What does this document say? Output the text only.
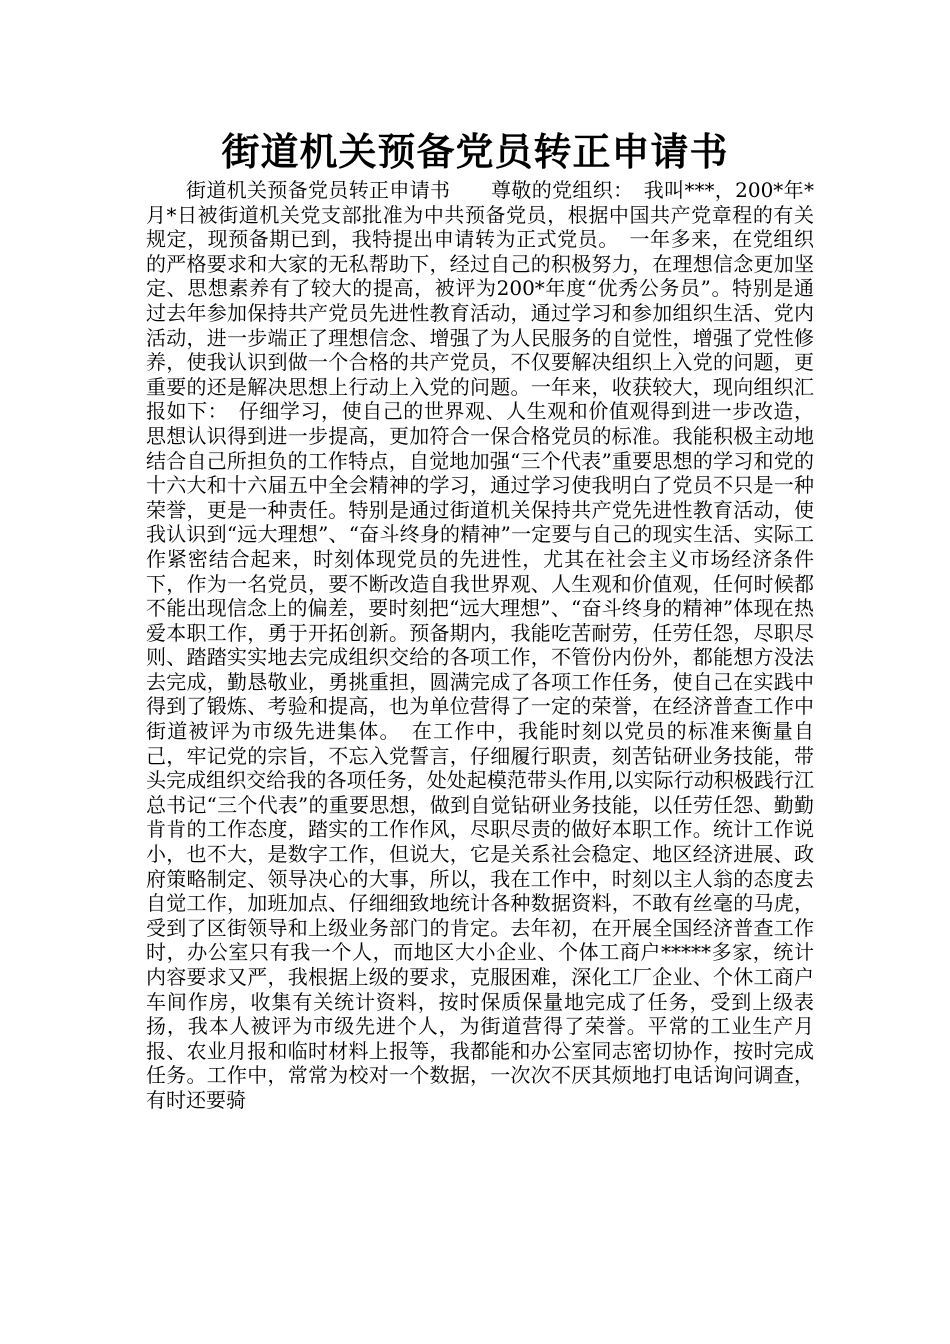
街道机关预备党员转正申请书

街道机关预备党员转正申请书　　尊敬的党组织：　我叫***，200*年*月*日被街道机关党支部批准为中共预备党员，根据中国共产党章程的有关规定，现预备期已到，我特提出申请转为正式党员。　一年多来，在党组织的严格要求和大家的无私帮助下，经过自己的积极努力，在理想信念更加坚定、思想素养有了较大的提高，被评为200*年度“优秀公务员”。特别是通过去年参加保持共产党员先进性教育活动，通过学习和参加组织生活、党内活动，进一步端正了理想信念、增强了为人民服务的自觉性，增强了党性修养，使我认识到做一个合格的共产党员，不仅要解决组织上入党的问题，更重要的还是解决思想上行动上入党的问题。一年来，收获较大，现向组织汇报如下：　仔细学习，使自己的世界观、人生观和价值观得到进一步改造，思想认识得到进一步提高，更加符合一保合格党员的标准。我能积极主动地结合自己所担负的工作特点，自觉地加强“三个代表”重要思想的学习和党的十六大和十六届五中全会精神的学习，通过学习使我明白了党员不只是一种荣誉，更是一种责任。特别是通过街道机关保持共产党先进性教育活动，使我认识到“远大理想”、“奋斗终身的精神”一定要与自己的现实生活、实际工作紧密结合起来，时刻体现党员的先进性，尤其在社会主义市场经济条件下，作为一名党员，要不断改造自我世界观、人生观和价值观，任何时候都不能出现信念上的偏差，要时刻把“远大理想”、“奋斗终身的精神”体现在热爱本职工作，勇于开拓创新。预备期内，我能吃苦耐劳，任劳任怨，尽职尽则、踏踏实实地去完成组织交给的各项工作，不管份内份外，都能想方没法去完成，勤恳敬业，勇挑重担，圆满完成了各项工作任务，使自己在实践中得到了锻炼、考验和提高，也为单位营得了一定的荣誉，在经济普查工作中街道被评为市级先进集体。　在工作中，我能时刻以党员的标准来衡量自己，牢记党的宗旨，不忘入党誓言，仔细履行职责，刻苦钻研业务技能，带头完成组织交给我的各项任务，处处起模范带头作用,以实际行动积极践行江总书记“三个代表”的重要思想，做到自觉钻研业务技能，以任劳任怨、勤勤肯肯的工作态度，踏实的工作作风，尽职尽责的做好本职工作。统计工作说小，也不大，是数字工作，但说大，它是关系社会稳定、地区经济进展、政府策略制定、领导决心的大事，所以，我在工作中，时刻以主人翁的态度去自觉工作，加班加点、仔细细致地统计各种数据资料，不敢有丝毫的马虎，受到了区街领导和上级业务部门的肯定。去年初，在开展全国经济普查工作时，办公室只有我一个人，而地区大小企业、个体工商户*****多家，统计内容要求又严，我根据上级的要求，克服困难，深化工厂企业、个休工商户车间作房，收集有关统计资料，按时保质保量地完成了任务，受到上级表扬，我本人被评为市级先进个人，为街道营得了荣誉。平常的工业生产月报、农业月报和临时材料上报等，我都能和办公室同志密切协作，按时完成任务。工作中，常常为校对一个数据，一次次不厌其烦地打电话询问调查，有时还要骑
